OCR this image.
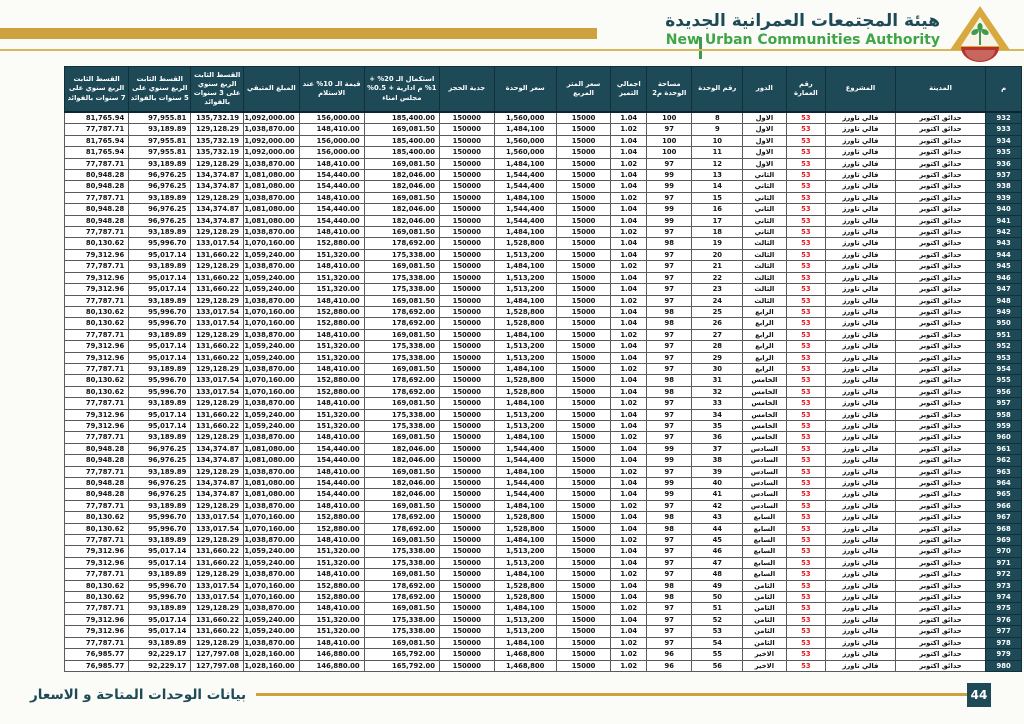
هيئة المجتمعات العمرانية الجديدة
New Urban Communities Authority
م	المدينة	المشروع	رقم العمارة	الدور	رقم الوحدة	مساحة الوحدة م2	اجمالي التميز	سعر المتر المربع	سعر الوحدة	جدية الحجز	استكمال الـ 20% + 1% م ادارية + 0.5% مجلس امناء	قيمة الـ 10% عند الاستلام	المبلغ المتبقي	القسط الثابت الربع سنوي على 3 سنوات بالفوائد	القسط الثابت الربع سنوي على 5 سنوات بالفوائد	القسط الثابت الربع سنوي على 7 سنوات بالفوائد
932	حدائق اكتوبر	فالي تاورز	53	الاول	8	100	1.04	15000	1,560,000	150000	185,400.00	156,000.00	1,092,000.00	135,732.19	97,955.81	81,765.94
933	حدائق اكتوبر	فالي تاورز	53	الاول	9	97	1.02	15000	1,484,100	150000	169,081.50	148,410.00	1,038,870.00	129,128.29	93,189.89	77,787.71
934	حدائق اكتوبر	فالي تاورز	53	الاول	10	100	1.04	15000	1,560,000	150000	185,400.00	156,000.00	1,092,000.00	135,732.19	97,955.81	81,765.94
935	حدائق اكتوبر	فالي تاورز	53	الاول	11	100	1.04	15000	1,560,000	150000	185,400.00	156,000.00	1,092,000.00	135,732.19	97,955.81	81,765.94
936	حدائق اكتوبر	فالي تاورز	53	الاول	12	97	1.02	15000	1,484,100	150000	169,081.50	148,410.00	1,038,870.00	129,128.29	93,189.89	77,787.71
937	حدائق اكتوبر	فالي تاورز	53	الثاني	13	99	1.04	15000	1,544,400	150000	182,046.00	154,440.00	1,081,080.00	134,374.87	96,976.25	80,948.28
938	حدائق اكتوبر	فالي تاورز	53	الثاني	14	99	1.04	15000	1,544,400	150000	182,046.00	154,440.00	1,081,080.00	134,374.87	96,976.25	80,948.28
939	حدائق اكتوبر	فالي تاورز	53	الثاني	15	97	1.02	15000	1,484,100	150000	169,081.50	148,410.00	1,038,870.00	129,128.29	93,189.89	77,787.71
940	حدائق اكتوبر	فالي تاورز	53	الثاني	16	99	1.04	15000	1,544,400	150000	182,046.00	154,440.00	1,081,080.00	134,374.87	96,976.25	80,948.28
941	حدائق اكتوبر	فالي تاورز	53	الثاني	17	99	1.04	15000	1,544,400	150000	182,046.00	154,440.00	1,081,080.00	134,374.87	96,976.25	80,948.28
942	حدائق اكتوبر	فالي تاورز	53	الثاني	18	97	1.02	15000	1,484,100	150000	169,081.50	148,410.00	1,038,870.00	129,128.29	93,189.89	77,787.71
943	حدائق اكتوبر	فالي تاورز	53	الثالث	19	98	1.04	15000	1,528,800	150000	178,692.00	152,880.00	1,070,160.00	133,017.54	95,996.70	80,130.62
944	حدائق اكتوبر	فالي تاورز	53	الثالث	20	97	1.04	15000	1,513,200	150000	175,338.00	151,320.00	1,059,240.00	131,660.22	95,017.14	79,312.96
945	حدائق اكتوبر	فالي تاورز	53	الثالث	21	97	1.02	15000	1,484,100	150000	169,081.50	148,410.00	1,038,870.00	129,128.29	93,189.89	77,787.71
946	حدائق اكتوبر	فالي تاورز	53	الثالث	22	97	1.04	15000	1,513,200	150000	175,338.00	151,320.00	1,059,240.00	131,660.22	95,017.14	79,312.96
947	حدائق اكتوبر	فالي تاورز	53	الثالث	23	97	1.04	15000	1,513,200	150000	175,338.00	151,320.00	1,059,240.00	131,660.22	95,017.14	79,312.96
948	حدائق اكتوبر	فالي تاورز	53	الثالث	24	97	1.02	15000	1,484,100	150000	169,081.50	148,410.00	1,038,870.00	129,128.29	93,189.89	77,787.71
949	حدائق اكتوبر	فالي تاورز	53	الرابع	25	98	1.04	15000	1,528,800	150000	178,692.00	152,880.00	1,070,160.00	133,017.54	95,996.70	80,130.62
950	حدائق اكتوبر	فالي تاورز	53	الرابع	26	98	1.04	15000	1,528,800	150000	178,692.00	152,880.00	1,070,160.00	133,017.54	95,996.70	80,130.62
951	حدائق اكتوبر	فالي تاورز	53	الرابع	27	97	1.02	15000	1,484,100	150000	169,081.50	148,410.00	1,038,870.00	129,128.29	93,189.89	77,787.71
952	حدائق اكتوبر	فالي تاورز	53	الرابع	28	97	1.04	15000	1,513,200	150000	175,338.00	151,320.00	1,059,240.00	131,660.22	95,017.14	79,312.96
953	حدائق اكتوبر	فالي تاورز	53	الرابع	29	97	1.04	15000	1,513,200	150000	175,338.00	151,320.00	1,059,240.00	131,660.22	95,017.14	79,312.96
954	حدائق اكتوبر	فالي تاورز	53	الرابع	30	97	1.02	15000	1,484,100	150000	169,081.50	148,410.00	1,038,870.00	129,128.29	93,189.89	77,787.71
955	حدائق اكتوبر	فالي تاورز	53	الخامس	31	98	1.04	15000	1,528,800	150000	178,692.00	152,880.00	1,070,160.00	133,017.54	95,996.70	80,130.62
956	حدائق اكتوبر	فالي تاورز	53	الخامس	32	98	1.04	15000	1,528,800	150000	178,692.00	152,880.00	1,070,160.00	133,017.54	95,996.70	80,130.62
957	حدائق اكتوبر	فالي تاورز	53	الخامس	33	97	1.02	15000	1,484,100	150000	169,081.50	148,410.00	1,038,870.00	129,128.29	93,189.89	77,787.71
958	حدائق اكتوبر	فالي تاورز	53	الخامس	34	97	1.04	15000	1,513,200	150000	175,338.00	151,320.00	1,059,240.00	131,660.22	95,017.14	79,312.96
959	حدائق اكتوبر	فالي تاورز	53	الخامس	35	97	1.04	15000	1,513,200	150000	175,338.00	151,320.00	1,059,240.00	131,660.22	95,017.14	79,312.96
960	حدائق اكتوبر	فالي تاورز	53	الخامس	36	97	1.02	15000	1,484,100	150000	169,081.50	148,410.00	1,038,870.00	129,128.29	93,189.89	77,787.71
961	حدائق اكتوبر	فالي تاورز	53	السادس	37	99	1.04	15000	1,544,400	150000	182,046.00	154,440.00	1,081,080.00	134,374.87	96,976.25	80,948.28
962	حدائق اكتوبر	فالي تاورز	53	السادس	38	99	1.04	15000	1,544,400	150000	182,046.00	154,440.00	1,081,080.00	134,374.87	96,976.25	80,948.28
963	حدائق اكتوبر	فالي تاورز	53	السادس	39	97	1.02	15000	1,484,100	150000	169,081.50	148,410.00	1,038,870.00	129,128.29	93,189.89	77,787.71
964	حدائق اكتوبر	فالي تاورز	53	السادس	40	99	1.04	15000	1,544,400	150000	182,046.00	154,440.00	1,081,080.00	134,374.87	96,976.25	80,948.28
965	حدائق اكتوبر	فالي تاورز	53	السادس	41	99	1.04	15000	1,544,400	150000	182,046.00	154,440.00	1,081,080.00	134,374.87	96,976.25	80,948.28
966	حدائق اكتوبر	فالي تاورز	53	السادس	42	97	1.02	15000	1,484,100	150000	169,081.50	148,410.00	1,038,870.00	129,128.29	93,189.89	77,787.71
967	حدائق اكتوبر	فالي تاورز	53	السابع	43	98	1.04	15000	1,528,800	150000	178,692.00	152,880.00	1,070,160.00	133,017.54	95,996.70	80,130.62
968	حدائق اكتوبر	فالي تاورز	53	السابع	44	98	1.04	15000	1,528,800	150000	178,692.00	152,880.00	1,070,160.00	133,017.54	95,996.70	80,130.62
969	حدائق اكتوبر	فالي تاورز	53	السابع	45	97	1.02	15000	1,484,100	150000	169,081.50	148,410.00	1,038,870.00	129,128.29	93,189.89	77,787.71
970	حدائق اكتوبر	فالي تاورز	53	السابع	46	97	1.04	15000	1,513,200	150000	175,338.00	151,320.00	1,059,240.00	131,660.22	95,017.14	79,312.96
971	حدائق اكتوبر	فالي تاورز	53	السابع	47	97	1.04	15000	1,513,200	150000	175,338.00	151,320.00	1,059,240.00	131,660.22	95,017.14	79,312.96
972	حدائق اكتوبر	فالي تاورز	53	السابع	48	97	1.02	15000	1,484,100	150000	169,081.50	148,410.00	1,038,870.00	129,128.29	93,189.89	77,787.71
973	حدائق اكتوبر	فالي تاورز	53	الثامن	49	98	1.04	15000	1,528,800	150000	178,692.00	152,880.00	1,070,160.00	133,017.54	95,996.70	80,130.62
974	حدائق اكتوبر	فالي تاورز	53	الثامن	50	98	1.04	15000	1,528,800	150000	178,692.00	152,880.00	1,070,160.00	133,017.54	95,996.70	80,130.62
975	حدائق اكتوبر	فالي تاورز	53	الثامن	51	97	1.02	15000	1,484,100	150000	169,081.50	148,410.00	1,038,870.00	129,128.29	93,189.89	77,787.71
976	حدائق اكتوبر	فالي تاورز	53	الثامن	52	97	1.04	15000	1,513,200	150000	175,338.00	151,320.00	1,059,240.00	131,660.22	95,017.14	79,312.96
977	حدائق اكتوبر	فالي تاورز	53	الثامن	53	97	1.04	15000	1,513,200	150000	175,338.00	151,320.00	1,059,240.00	131,660.22	95,017.14	79,312.96
978	حدائق اكتوبر	فالي تاورز	53	الثامن	54	97	1.02	15000	1,484,100	150000	169,081.50	148,410.00	1,038,870.00	129,128.29	93,189.89	77,787.71
979	حدائق اكتوبر	فالي تاورز	53	الاخير	55	96	1.02	15000	1,468,800	150000	165,792.00	146,880.00	1,028,160.00	127,797.08	92,229.17	76,985.77
980	حدائق اكتوبر	فالي تاورز	53	الاخير	56	96	1.02	15000	1,468,800	150000	165,792.00	146,880.00	1,028,160.00	127,797.08	92,229.17	76,985.77
بيانات الوحدات المتاحة و الاسعار	44
